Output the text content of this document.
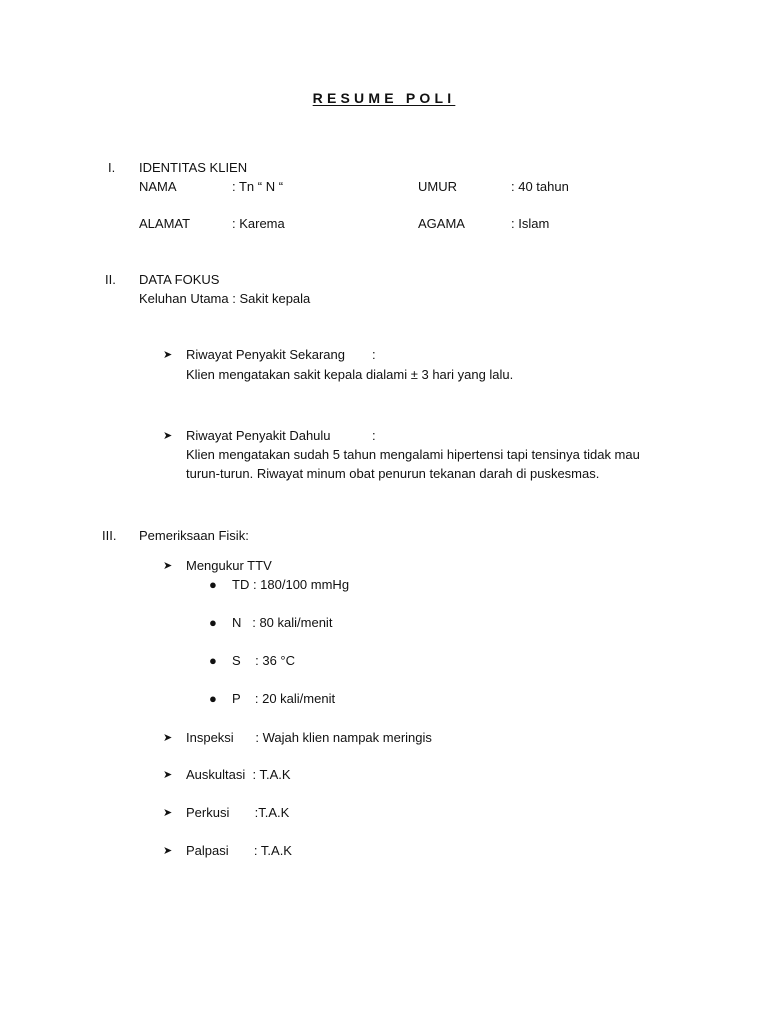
RESUME POLI
I.	IDENTITAS KLIEN
NAMA	: Tn “ N “	UMUR	: 40 tahun
ALAMAT	: Karema	AGAMA	: Islam
II.	DATA FOKUS
Keluhan Utama : Sakit kepala
➤	Riwayat Penyakit Sekarang :
Klien mengatakan sakit kepala dialami ± 3 hari yang lalu.
➤	Riwayat Penyakit Dahulu	:
Klien mengatakan sudah 5 tahun mengalami hipertensi tapi tensinya tidak mau
turun-turun. Riwayat minum obat penurun tekanan darah di puskesmas.
III.	Pemeriksaan Fisik:
➤	Mengukur TTV
●	TD : 180/100 mmHg
●	N   : 80 kali/menit
●	S    : 36 °C
●	P    : 20 kali/menit
➤	Inspeksi      : Wajah klien nampak meringis
➤	Auskultasi  : T.A.K
➤	Perkusi       :T.A.K
➤	Palpasi       : T.A.K
